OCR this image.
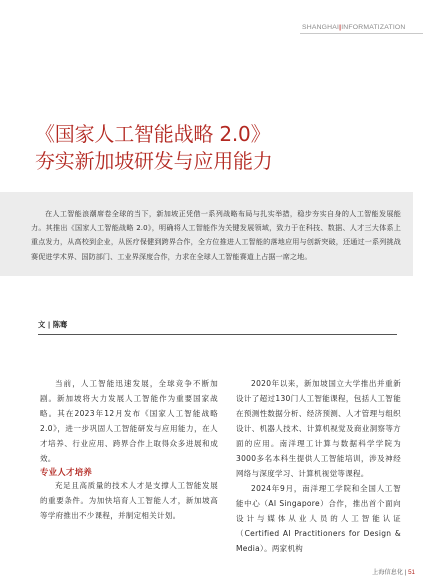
SHANGHAI|INFORMATIZATION
《国家人工智能战略 2.0》
夯实新加坡研发与应用能力
在人工智能浪潮席卷全球的当下，新加坡正凭借一系列战略布局与扎实举措，稳步夯实自身的人工智能发展能力。其推出《国家人工智能战略 2.0》，明确将人工智能作为关键发展领域，致力于在科技、数据、人才三大体系上重点发力，从高校到企业，从医疗保健到跨界合作，全方位推进人工智能的落地应用与创新突破，还通过一系列挑战赛促进学术界、国防部门、工业界深度合作，力求在全球人工智能赛道上占据一席之地。
文 | 陈骞

当前，人工智能迅速发展，全球竞争不断加剧。新加坡将大力发展人工智能作为重要国家战略。其在2023年12月发布《国家人工智能战略2.0》，进一步巩固人工智能研发与应用能力，在人才培养、行业应用、跨界合作上取得众多进展和成效。

专业人才培养

充足且高质量的技术人才是支撑人工智能发展的重要条件。为加快培育人工智能人才，新加坡高等学府推出不少课程，并制定相关计划。

2020年以来，新加坡国立大学推出并重新设计了超过130门人工智能课程，包括人工智能在预测性数据分析、经济预测、人才管理与组织设计、机器人技术、计算机视觉及商业洞察等方面的应用。南洋理工计算与数据科学学院为3000多名本科生提供人工智能培训，涉及神经网络与深度学习、计算机视觉等课程。

2024年9月，南洋理工学院和全国人工智能中心（AI Singapore）合作，推出首个面向设计与媒体从业人员的人工智能认证（Certified AI Practitioners for Design & Media）。两家机构

上海信息化 | 51
